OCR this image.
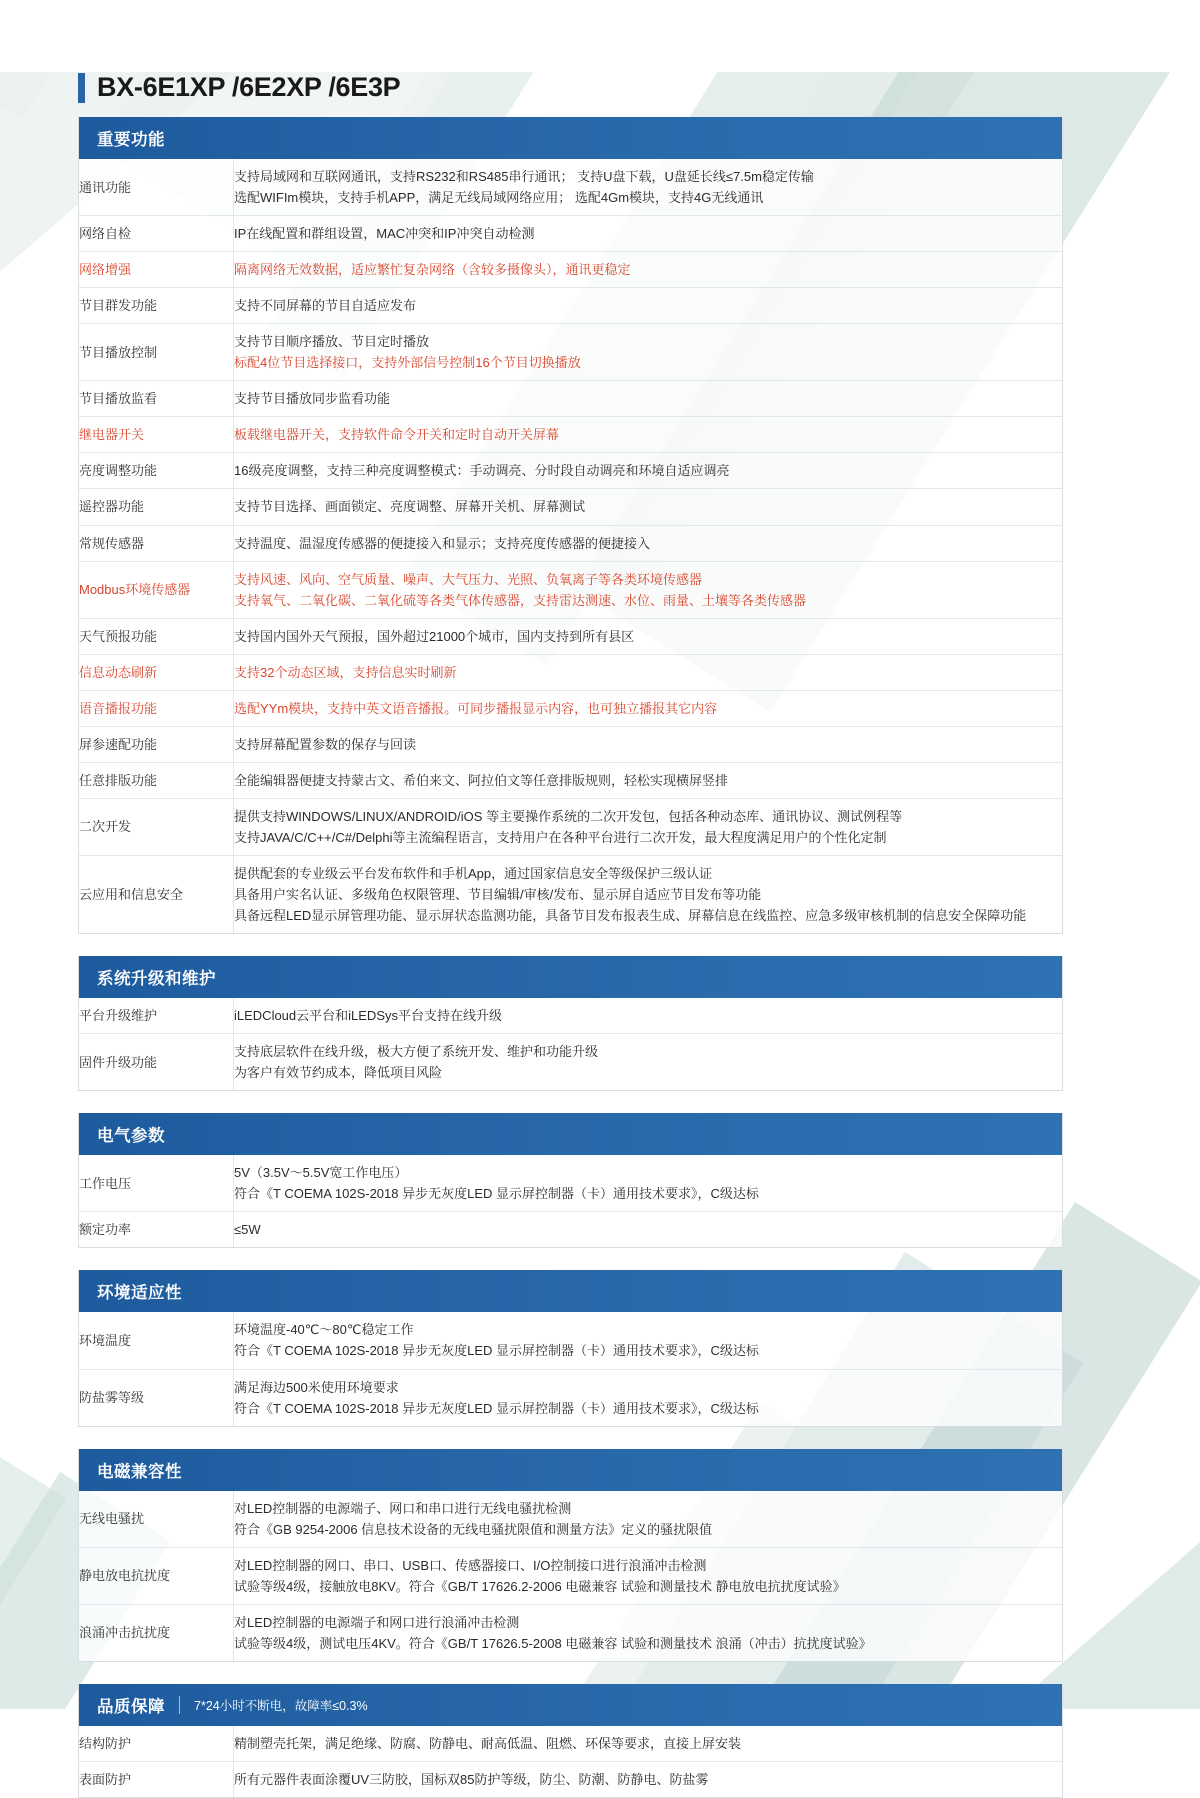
BX-6E1XP /6E2XP /6E3P
重要功能
通讯功能	支持局域网和互联网通讯，支持RS232和RS485串行通讯； 支持U盘下载，U盘延长线≤7.5m稳定传输
选配WIFIm模块，支持手机APP，满足无线局域网络应用； 选配4Gm模块，支持4G无线通讯

网络自检	IP在线配置和群组设置，MAC冲突和IP冲突自动检测

网络增强	隔离网络无效数据，适应繁忙复杂网络（含较多摄像头），通讯更稳定

节目群发功能	支持不同屏幕的节目自适应发布

节目播放控制	支持节目顺序播放、节目定时播放
标配4位节目选择接口，支持外部信号控制16个节目切换播放

节目播放监看	支持节目播放同步监看功能

继电器开关	板载继电器开关，支持软件命令开关和定时自动开关屏幕

亮度调整功能	16级亮度调整，支持三种亮度调整模式：手动调亮、分时段自动调亮和环境自适应调亮

遥控器功能	支持节目选择、画面锁定、亮度调整、屏幕开关机、屏幕测试

常规传感器	支持温度、温湿度传感器的便捷接入和显示；支持亮度传感器的便捷接入

Modbus环境传感器	支持风速、风向、空气质量、噪声、大气压力、光照、负氧离子等各类环境传感器
支持氧气、二氧化碳、二氧化硫等各类气体传感器，支持雷达测速、水位、雨量、土壤等各类传感器

天气预报功能	支持国内国外天气预报，国外超过21000个城市，国内支持到所有县区

信息动态刷新	支持32个动态区域，支持信息实时刷新

语音播报功能	选配YYm模块，支持中英文语音播报。可同步播报显示内容，也可独立播报其它内容

屏参速配功能	支持屏幕配置参数的保存与回读

任意排版功能	全能编辑器便捷支持蒙古文、希伯来文、阿拉伯文等任意排版规则，轻松实现横屏竖排

二次开发	提供支持WINDOWS/LINUX/ANDROID/iOS 等主要操作系统的二次开发包，包括各种动态库、通讯协议、测试例程等
支持JAVA/C/C++/C#/Delphi等主流编程语言，支持用户在各种平台进行二次开发，最大程度满足用户的个性化定制

云应用和信息安全	提供配套的专业级云平台发布软件和手机App，通过国家信息安全等级保护三级认证
具备用户实名认证、多级角色权限管理、节目编辑/审核/发布、显示屏自适应节目发布等功能
具备远程LED显示屏管理功能、显示屏状态监测功能，具备节目发布报表生成、屏幕信息在线监控、应急多级审核机制的信息安全保障功能
系统升级和维护
平台升级维护	iLEDCloud云平台和iLEDSys平台支持在线升级

固件升级功能	支持底层软件在线升级，极大方便了系统开发、维护和功能升级
为客户有效节约成本，降低项目风险
电气参数
工作电压	5V（3.5V～5.5V宽工作电压）
符合《T COEMA 102S-2018 异步无灰度LED 显示屏控制器（卡）通用技术要求》，C级达标

额定功率	≤5W
环境适应性
环境温度	环境温度-40℃～80℃稳定工作
符合《T COEMA 102S-2018 异步无灰度LED 显示屏控制器（卡）通用技术要求》，C级达标

防盐雾等级	满足海边500米使用环境要求
符合《T COEMA 102S-2018 异步无灰度LED 显示屏控制器（卡）通用技术要求》，C级达标
电磁兼容性
无线电骚扰	对LED控制器的电源端子、网口和串口进行无线电骚扰检测
符合《GB 9254-2006 信息技术设备的无线电骚扰限值和测量方法》定义的骚扰限值

静电放电抗扰度	对LED控制器的网口、串口、USB口、传感器接口、I/O控制接口进行浪涌冲击检测
试验等级4级，接触放电8KV。符合《GB/T 17626.2-2006 电磁兼容 试验和测量技术 静电放电抗扰度试验》

浪涌冲击抗扰度	对LED控制器的电源端子和网口进行浪涌冲击检测
试验等级4级，测试电压4KV。符合《GB/T 17626.5-2008 电磁兼容 试验和测量技术 浪涌（冲击）抗扰度试验》
品质保障	7*24小时不断电，故障率≤0.3%
结构防护	精制塑壳托架，满足绝缘、防腐、防静电、耐高低温、阻燃、环保等要求，直接上屏安装

表面防护	所有元器件表面涂覆UV三防胶，国标双85防护等级，防尘、防潮、防静电、防盐雾
